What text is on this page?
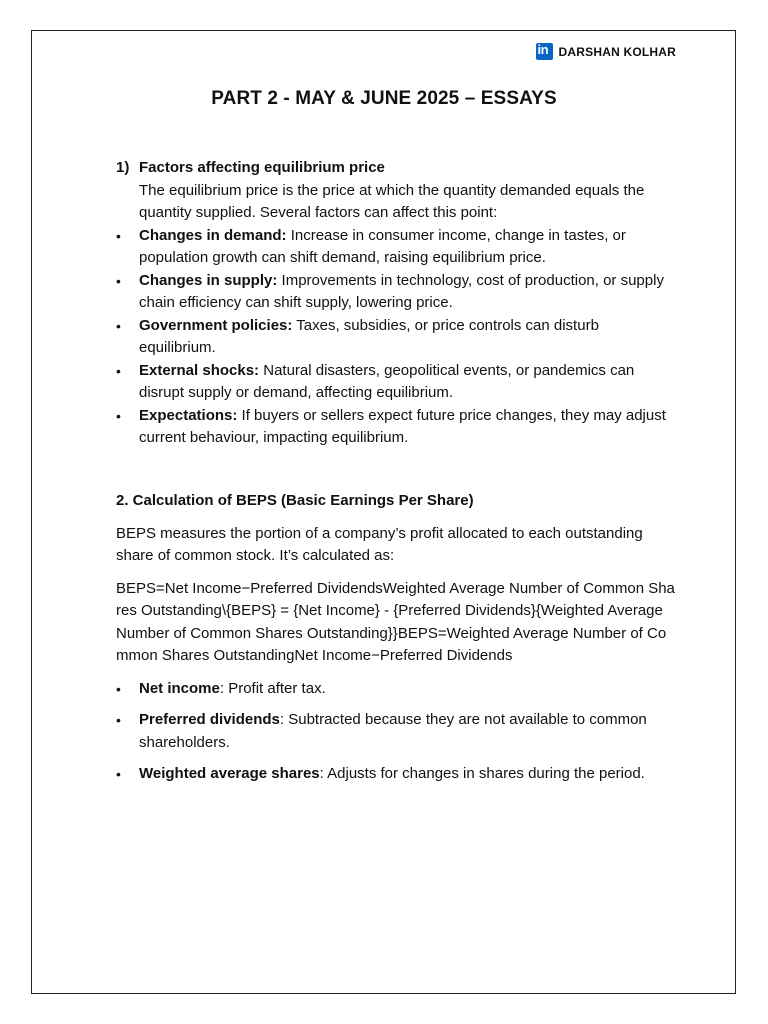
in DARSHAN KOLHAR
PART 2 - MAY & JUNE 2025 – ESSAYS
1) Factors affecting equilibrium price
The equilibrium price is the price at which the quantity demanded equals the quantity supplied. Several factors can affect this point:
• Changes in demand: Increase in consumer income, change in tastes, or population growth can shift demand, raising equilibrium price.
• Changes in supply: Improvements in technology, cost of production, or supply chain efficiency can shift supply, lowering price.
• Government policies: Taxes, subsidies, or price controls can disturb equilibrium.
• External shocks: Natural disasters, geopolitical events, or pandemics can disrupt supply or demand, affecting equilibrium.
• Expectations: If buyers or sellers expect future price changes, they may adjust current behaviour, impacting equilibrium.

2. Calculation of BEPS (Basic Earnings Per Share)

BEPS measures the portion of a company’s profit allocated to each outstanding share of common stock. It’s calculated as:

BEPS=Net Income−Preferred DividendsWeighted Average Number of Common Shares Outstanding\{BEPS} = {Net Income} - {Preferred Dividends}{Weighted Average Number of Common Shares Outstanding}}BEPS=Weighted Average Number of Common Shares OutstandingNet Income−Preferred Dividends

• Net income: Profit after tax.
• Preferred dividends: Subtracted because they are not available to common shareholders.
• Weighted average shares: Adjusts for changes in shares during the period.
